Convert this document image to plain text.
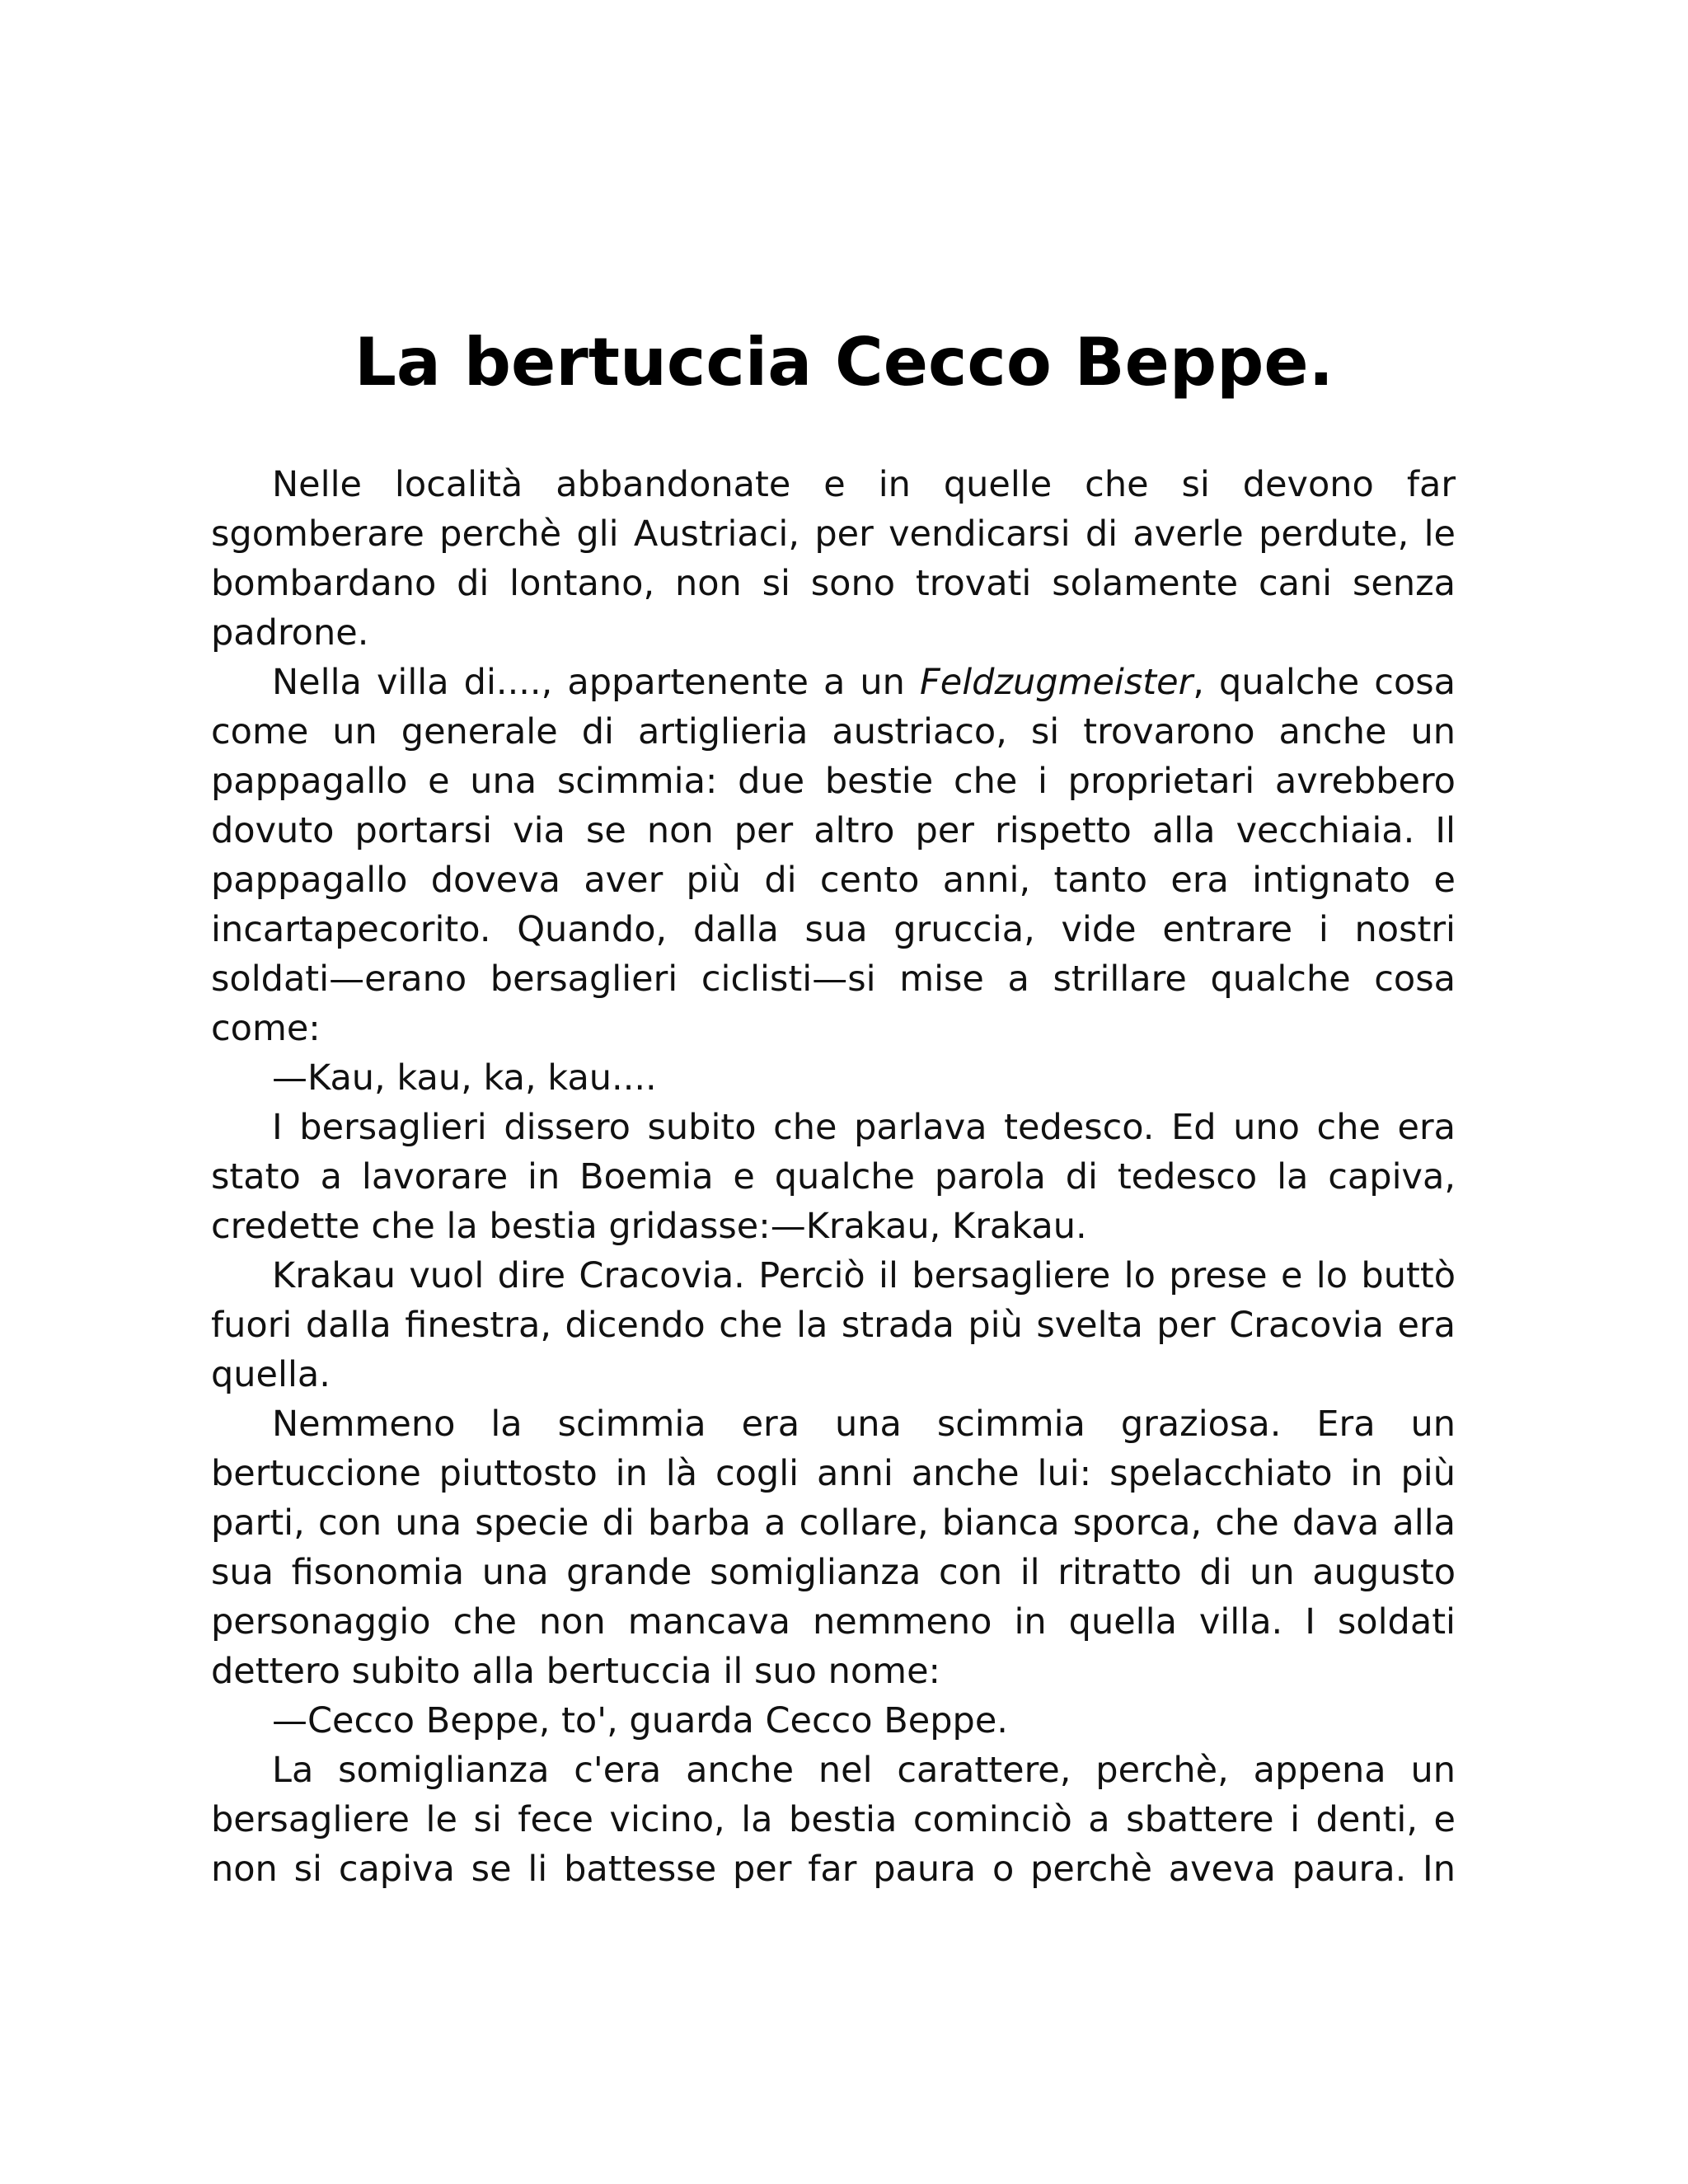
La bertuccia Cecco Beppe.

Nelle località abbandonate e in quelle che si devono far sgomberare perchè gli Austriaci, per vendicarsi di averle perdute, le bombardano di lontano, non si sono trovati solamente cani senza padrone.

Nella villa di...., appartenente a un Feldzugmeister, qualche cosa come un generale di artiglieria austriaco, si trovarono anche un pappagallo e una scimmia: due bestie che i proprietari avrebbero dovuto portarsi via se non per altro per rispetto alla vecchiaia. Il pappagallo doveva aver più di cento anni, tanto era intignato e incartapecorito. Quando, dalla sua gruccia, vide entrare i nostri soldati—erano bersaglieri ciclisti—si mise a strillare qualche cosa come:

—Kau, kau, ka, kau....

I bersaglieri dissero subito che parlava tedesco. Ed uno che era stato a lavorare in Boemia e qualche parola di tedesco la capiva, credette che la bestia gridasse:—Krakau, Krakau.

Krakau vuol dire Cracovia. Perciò il bersagliere lo prese e lo buttò fuori dalla finestra, dicendo che la strada più svelta per Cracovia era quella.

Nemmeno la scimmia era una scimmia graziosa. Era un bertuccione piuttosto in là cogli anni anche lui: spelacchiato in più parti, con una specie di barba a collare, bianca sporca, che dava alla sua fisonomia una grande somiglianza con il ritratto di un augusto personaggio che non mancava nemmeno in quella villa. I soldati dettero subito alla bertuccia il suo nome:

—Cecco Beppe, to', guarda Cecco Beppe.

La somiglianza c'era anche nel carattere, perchè, appena un bersagliere le si fece vicino, la bestia cominciò a sbattere i denti, e non si capiva se li battesse per far paura o perchè aveva paura. In
